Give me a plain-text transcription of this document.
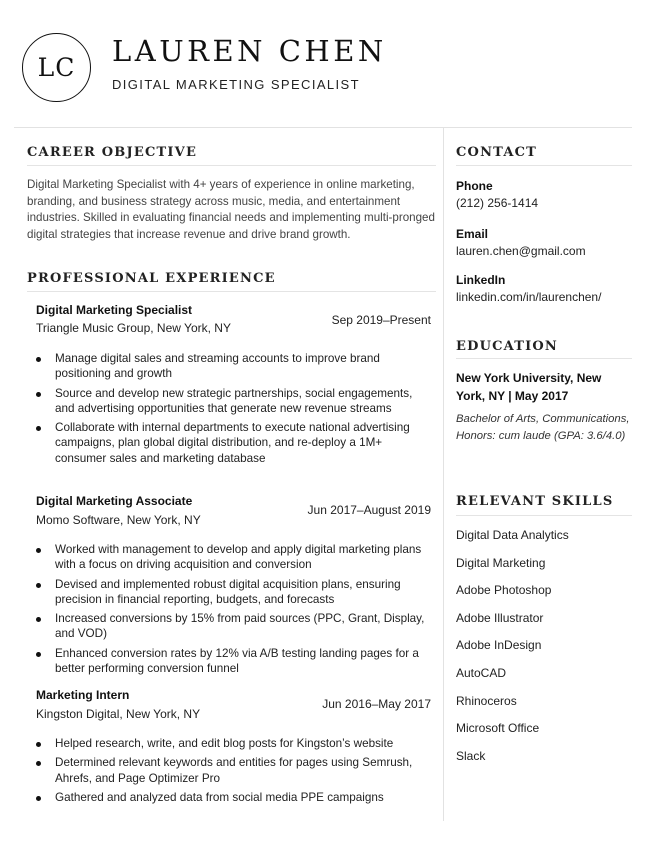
LC	LAUREN CHEN
DIGITAL MARKETING SPECIALIST
CAREER OBJECTIVE

Digital Marketing Specialist with 4+ years of experience in online marketing, branding, and business strategy across music, media, and entertainment industries. Skilled in evaluating financial needs and implementing multi-pronged digital strategies that increase revenue and drive brand growth.

PROFESSIONAL EXPERIENCE
Digital Marketing Specialist
Triangle Music Group, New York, NY
Sep 2019–Present
Manage digital sales and streaming accounts to improve brand positioning and growth
Source and develop new strategic partnerships, social engagements, and advertising opportunities that generate new revenue streams
Collaborate with internal departments to execute national advertising campaigns, plan global digital distribution, and re-deploy a 1M+ consumer sales and marketing database
Digital Marketing Associate
Momo Software, New York, NY
Jun 2017–August 2019
Worked with management to develop and apply digital marketing plans with a focus on driving acquisition and conversion
Devised and implemented robust digital acquisition plans, ensuring precision in financial reporting, budgets, and forecasts
Increased conversions by 15% from paid sources (PPC, Grant, Display, and VOD)
Enhanced conversion rates by 12% via A/B testing landing pages for a better performing conversion funnel
Marketing Intern
Kingston Digital, New York, NY
Jun 2016–May 2017
Helped research, write, and edit blog posts for Kingston’s website
Determined relevant keywords and entities for pages using Semrush, Ahrefs, and Page Optimizer Pro
Gathered and analyzed data from social media PPE campaigns
CONTACT
Phone
(212) 256-1414
Email
lauren.chen@gmail.com
LinkedIn
linkedin.com/in/laurenchen/
EDUCATION
New York University, New York, NY | May 2017
Bachelor of Arts, Communications, Honors: cum laude (GPA: 3.6/4.0)
RELEVANT SKILLS
Digital Data Analytics
Digital Marketing
Adobe Photoshop
Adobe Illustrator
Adobe InDesign
AutoCAD
Rhinoceros
Microsoft Office
Slack
